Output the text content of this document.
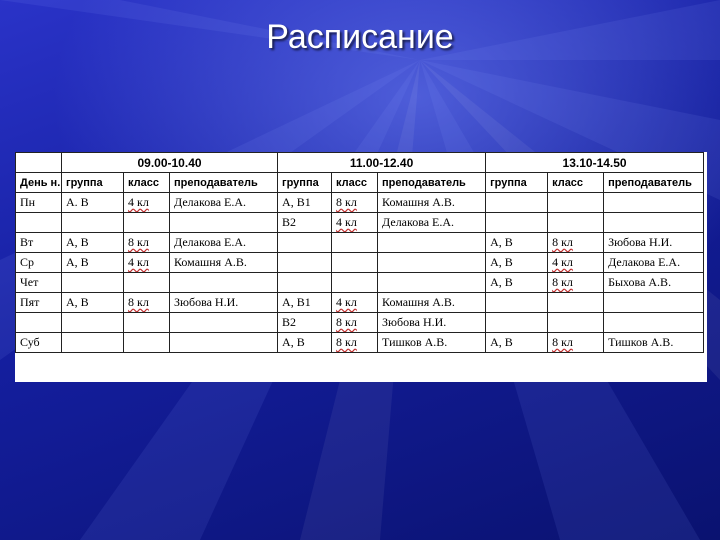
Расписание
	09.00-10.40			11.00-12.40			13.10-14.50		
День н.	группа	класс	преподаватель	группа	класс	преподаватель	группа	класс	преподаватель
Пн	А. В	4 кл	Делакова Е.А.	А, В1	8 кл	Комашня А.В.			
				В2	4 кл	Делакова Е.А.			
Вт	А, В	8 кл	Делакова Е.А.				А, В	8 кл	Зюбова Н.И.
Ср	А, В	4 кл	Комашня А.В.				А, В	4 кл	Делакова Е.А.
Чет							А, В	8 кл	Быхова А.В.
Пят	А, В	8 кл	Зюбова Н.И.	А, В1	4 кл	Комашня А.В.			
				В2	8 кл	Зюбова Н.И.			
Суб				А, В	8 кл	Тишков А.В.	А, В	8 кл	Тишков А.В.
